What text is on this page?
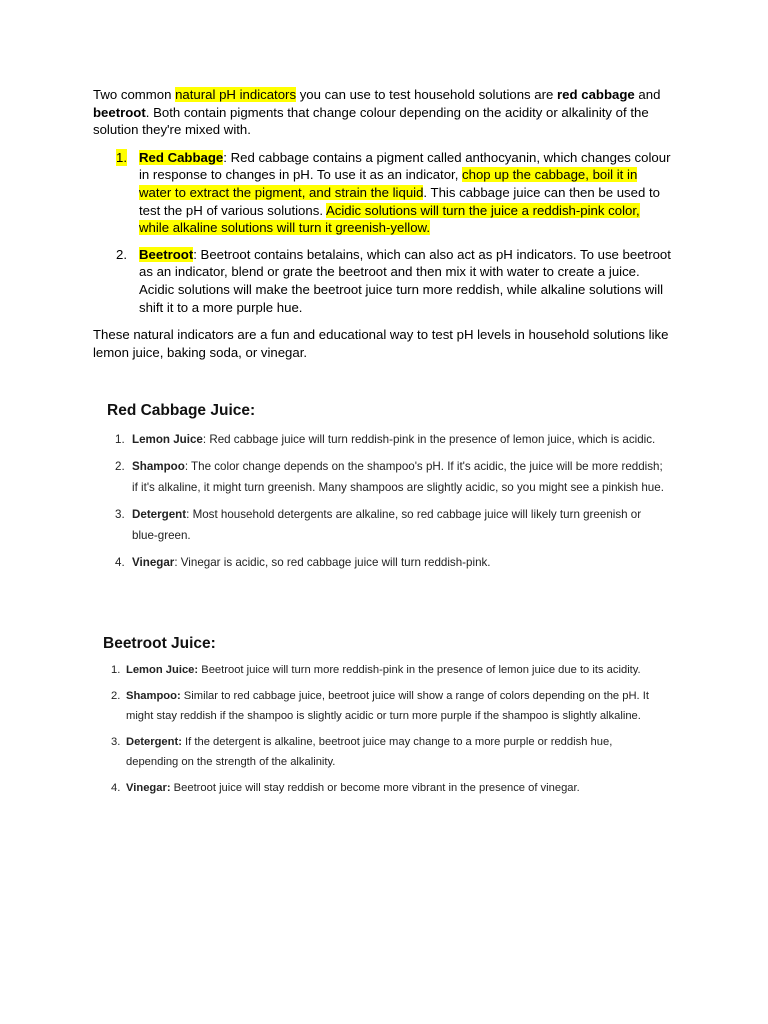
Two common natural pH indicators you can use to test household solutions are red cabbage and beetroot. Both contain pigments that change colour depending on the acidity or alkalinity of the solution they're mixed with.

1. Red Cabbage: Red cabbage contains a pigment called anthocyanin, which changes colour in response to changes in pH. To use it as an indicator, chop up the cabbage, boil it in water to extract the pigment, and strain the liquid. This cabbage juice can then be used to test the pH of various solutions. Acidic solutions will turn the juice a reddish-pink color, while alkaline solutions will turn it greenish-yellow.
2. Beetroot: Beetroot contains betalains, which can also act as pH indicators. To use beetroot as an indicator, blend or grate the beetroot and then mix it with water to create a juice. Acidic solutions will make the beetroot juice turn more reddish, while alkaline solutions will shift it to a more purple hue.

These natural indicators are a fun and educational way to test pH levels in household solutions like lemon juice, baking soda, or vinegar.

Red Cabbage Juice:
1. Lemon Juice: Red cabbage juice will turn reddish-pink in the presence of lemon juice, which is acidic.
2. Shampoo: The color change depends on the shampoo's pH. If it's acidic, the juice will be more reddish; if it's alkaline, it might turn greenish. Many shampoos are slightly acidic, so you might see a pinkish hue.
3. Detergent: Most household detergents are alkaline, so red cabbage juice will likely turn greenish or blue-green.
4. Vinegar: Vinegar is acidic, so red cabbage juice will turn reddish-pink.
Beetroot Juice:
1. Lemon Juice: Beetroot juice will turn more reddish-pink in the presence of lemon juice due to its acidity.
2. Shampoo: Similar to red cabbage juice, beetroot juice will show a range of colors depending on the pH. It might stay reddish if the shampoo is slightly acidic or turn more purple if the shampoo is slightly alkaline.
3. Detergent: If the detergent is alkaline, beetroot juice may change to a more purple or reddish hue, depending on the strength of the alkalinity.
4. Vinegar: Beetroot juice will stay reddish or become more vibrant in the presence of vinegar.
